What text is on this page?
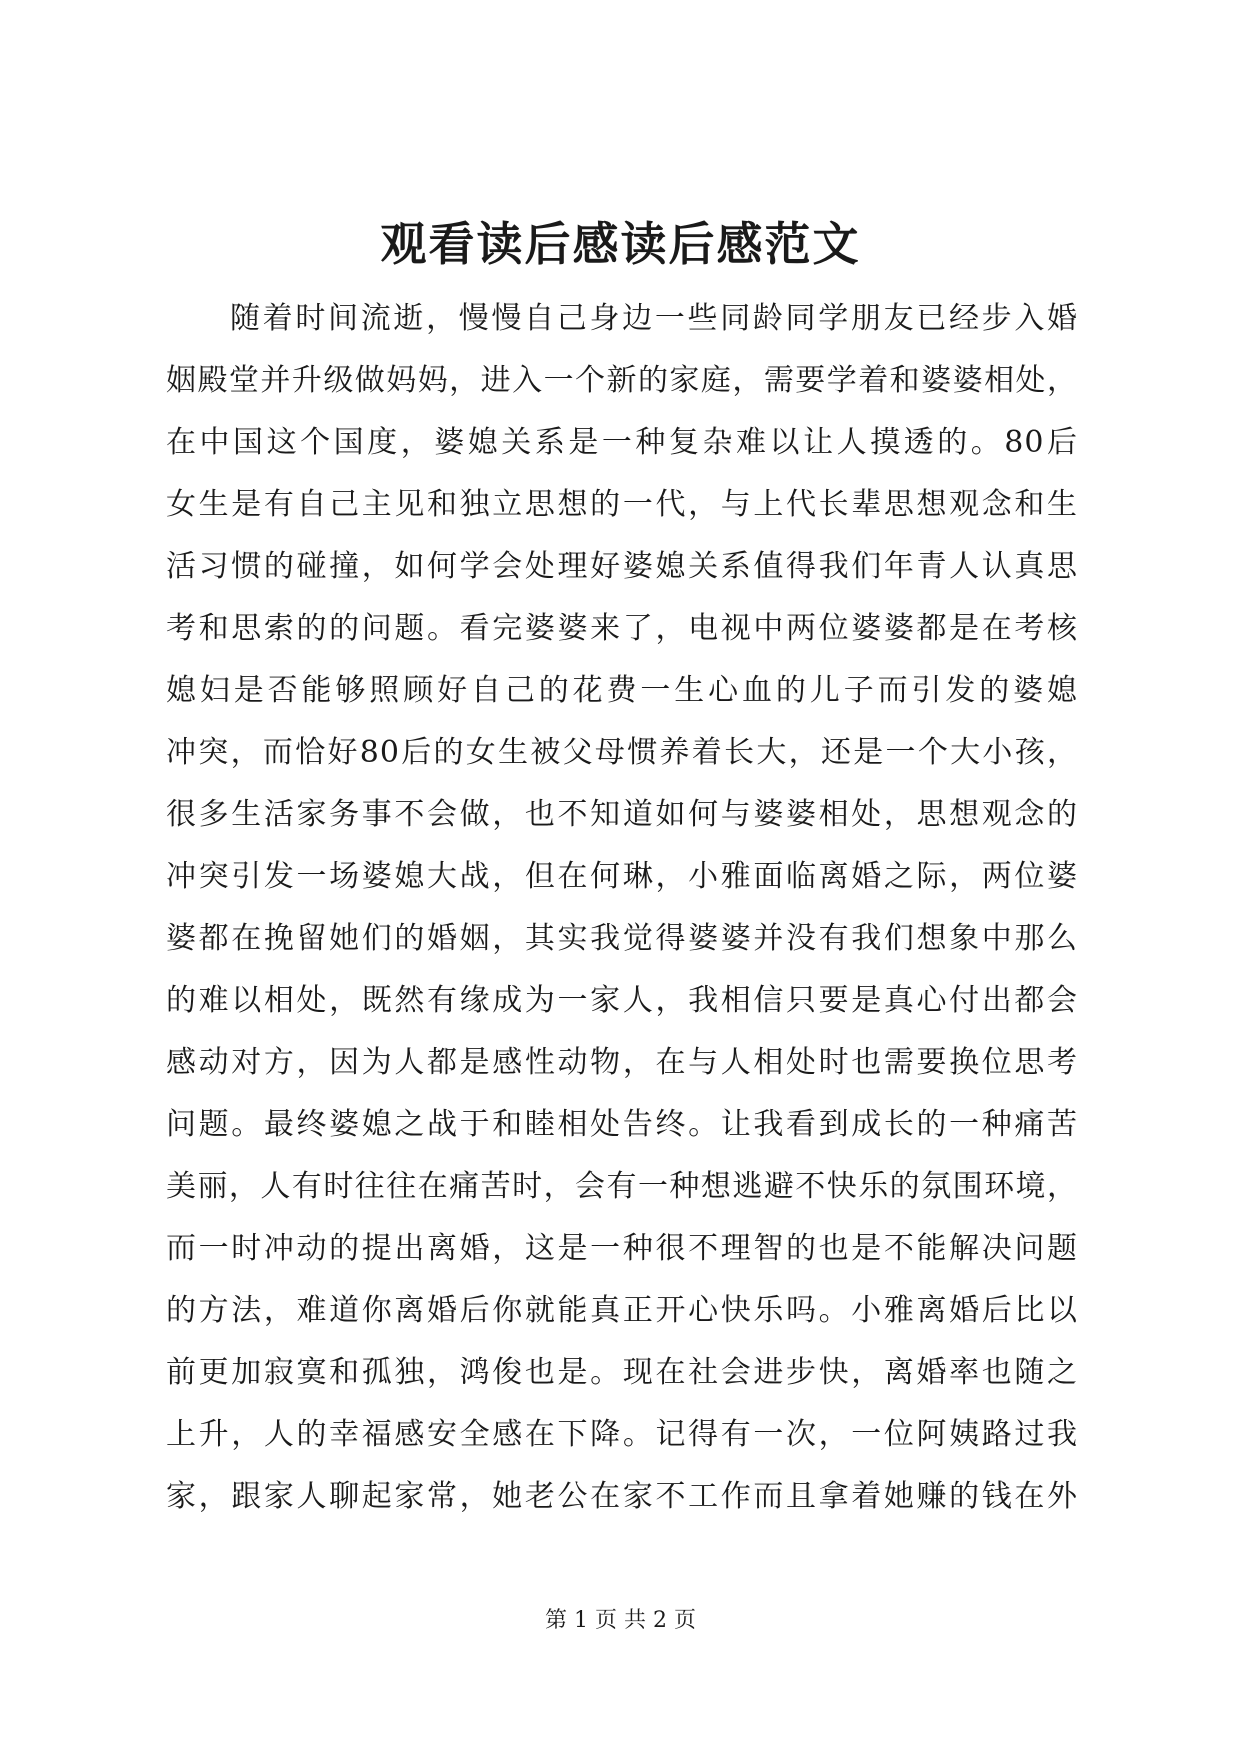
观看读后感读后感范文
随着时间流逝，慢慢自己身边一些同龄同学朋友已经步入婚
姻殿堂并升级做妈妈，进入一个新的家庭，需要学着和婆婆相处，
在中国这个国度，婆媳关系是一种复杂难以让人摸透的。80后
女生是有自己主见和独立思想的一代，与上代长辈思想观念和生
活习惯的碰撞，如何学会处理好婆媳关系值得我们年青人认真思
考和思索的的问题。看完婆婆来了，电视中两位婆婆都是在考核
媳妇是否能够照顾好自己的花费一生心血的儿子而引发的婆媳
冲突，而恰好80后的女生被父母惯养着长大，还是一个大小孩，
很多生活家务事不会做，也不知道如何与婆婆相处，思想观念的
冲突引发一场婆媳大战，但在何琳，小雅面临离婚之际，两位婆
婆都在挽留她们的婚姻，其实我觉得婆婆并没有我们想象中那么
的难以相处，既然有缘成为一家人，我相信只要是真心付出都会
感动对方，因为人都是感性动物，在与人相处时也需要换位思考
问题。最终婆媳之战于和睦相处告终。让我看到成长的一种痛苦
美丽，人有时往往在痛苦时，会有一种想逃避不快乐的氛围环境，
而一时冲动的提出离婚，这是一种很不理智的也是不能解决问题
的方法，难道你离婚后你就能真正开心快乐吗。小雅离婚后比以
前更加寂寞和孤独，鸿俊也是。现在社会进步快，离婚率也随之
上升，人的幸福感安全感在下降。记得有一次，一位阿姨路过我
家，跟家人聊起家常，她老公在家不工作而且拿着她赚的钱在外
第 1 页 共 2 页
